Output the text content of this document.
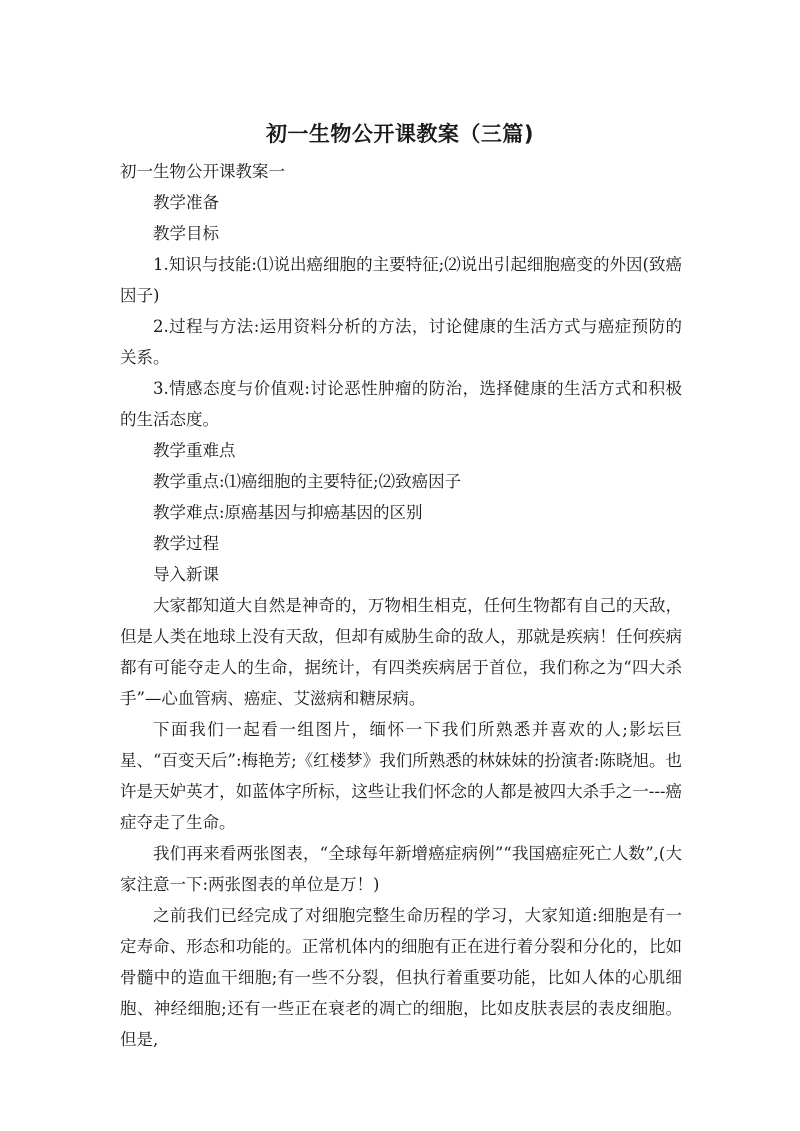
初一生物公开课教案（三篇)

初一生物公开课教案一

教学准备

教学目标

1.知识与技能:⑴说出癌细胞的主要特征;⑵说出引起细胞癌变的外因(致癌因子)

2.过程与方法:运用资料分析的方法，讨论健康的生活方式与癌症预防的关系。

3.情感态度与价值观:讨论恶性肿瘤的防治，选择健康的生活方式和积极的生活态度。

教学重难点

教学重点:⑴癌细胞的主要特征;⑵致癌因子

教学难点:原癌基因与抑癌基因的区别

教学过程

导入新课

大家都知道大自然是神奇的，万物相生相克，任何生物都有自己的天敌，但是人类在地球上没有天敌，但却有威胁生命的敌人，那就是疾病！任何疾病都有可能夺走人的生命，据统计，有四类疾病居于首位，我们称之为“四大杀手”—心血管病、癌症、艾滋病和糖尿病。

下面我们一起看一组图片，缅怀一下我们所熟悉并喜欢的人;影坛巨星、“百变天后”:梅艳芳;《红楼梦》我们所熟悉的林妹妹的扮演者:陈晓旭。也许是天妒英才，如蓝体字所标，这些让我们怀念的人都是被四大杀手之一---癌症夺走了生命。

我们再来看两张图表，“全球每年新增癌症病例”“我国癌症死亡人数”,(大家注意一下:两张图表的单位是万！)

之前我们已经完成了对细胞完整生命历程的学习，大家知道:细胞是有一定寿命、形态和功能的。正常机体内的细胞有正在进行着分裂和分化的，比如骨髓中的造血干细胞;有一些不分裂，但执行着重要功能，比如人体的心肌细胞、神经细胞;还有一些正在衰老的凋亡的细胞，比如皮肤表层的表皮细胞。但是,
